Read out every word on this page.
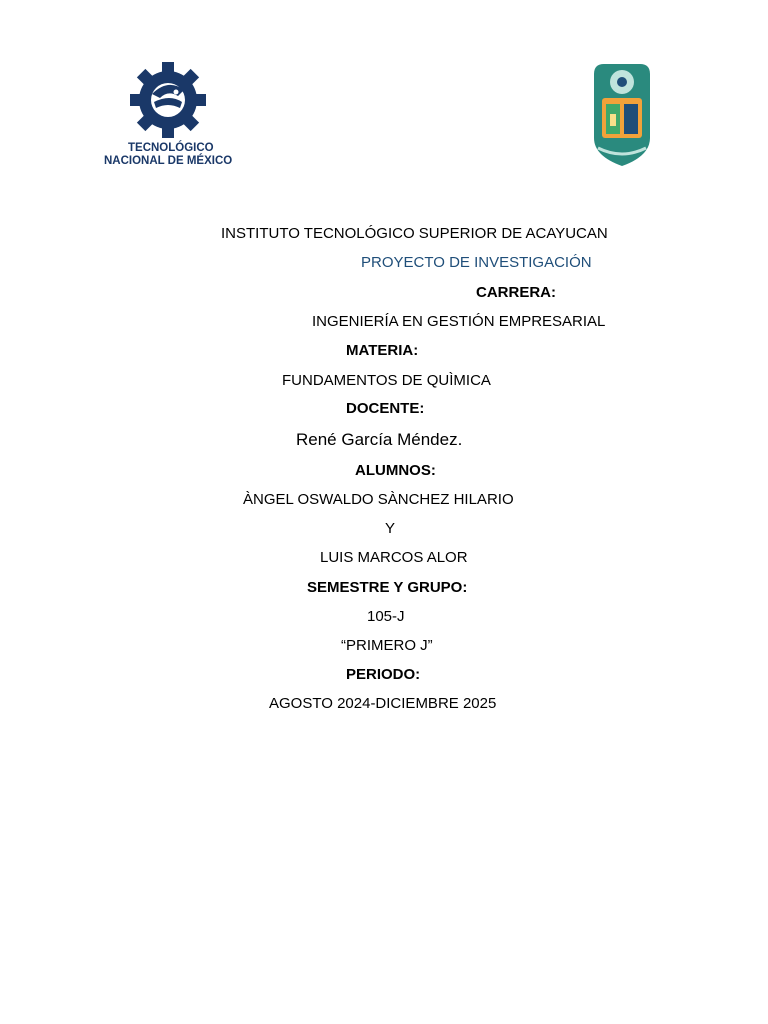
TECNOLÓGICO
NACIONAL DE MÉXICO
INSTITUTO TECNOLÓGICO SUPERIOR DE ACAYUCAN
PROYECTO DE INVESTIGACIÓN
CARRERA:
INGENIERÍA EN GESTIÓN EMPRESARIAL
MATERIA:
FUNDAMENTOS DE QUÌMICA
DOCENTE:
René García Méndez.
ALUMNOS:
ÀNGEL OSWALDO SÀNCHEZ HILARIO
Y
LUIS MARCOS ALOR
SEMESTRE Y GRUPO:
105-J
“PRIMERO J”
PERIODO:
AGOSTO 2024-DICIEMBRE 2025
